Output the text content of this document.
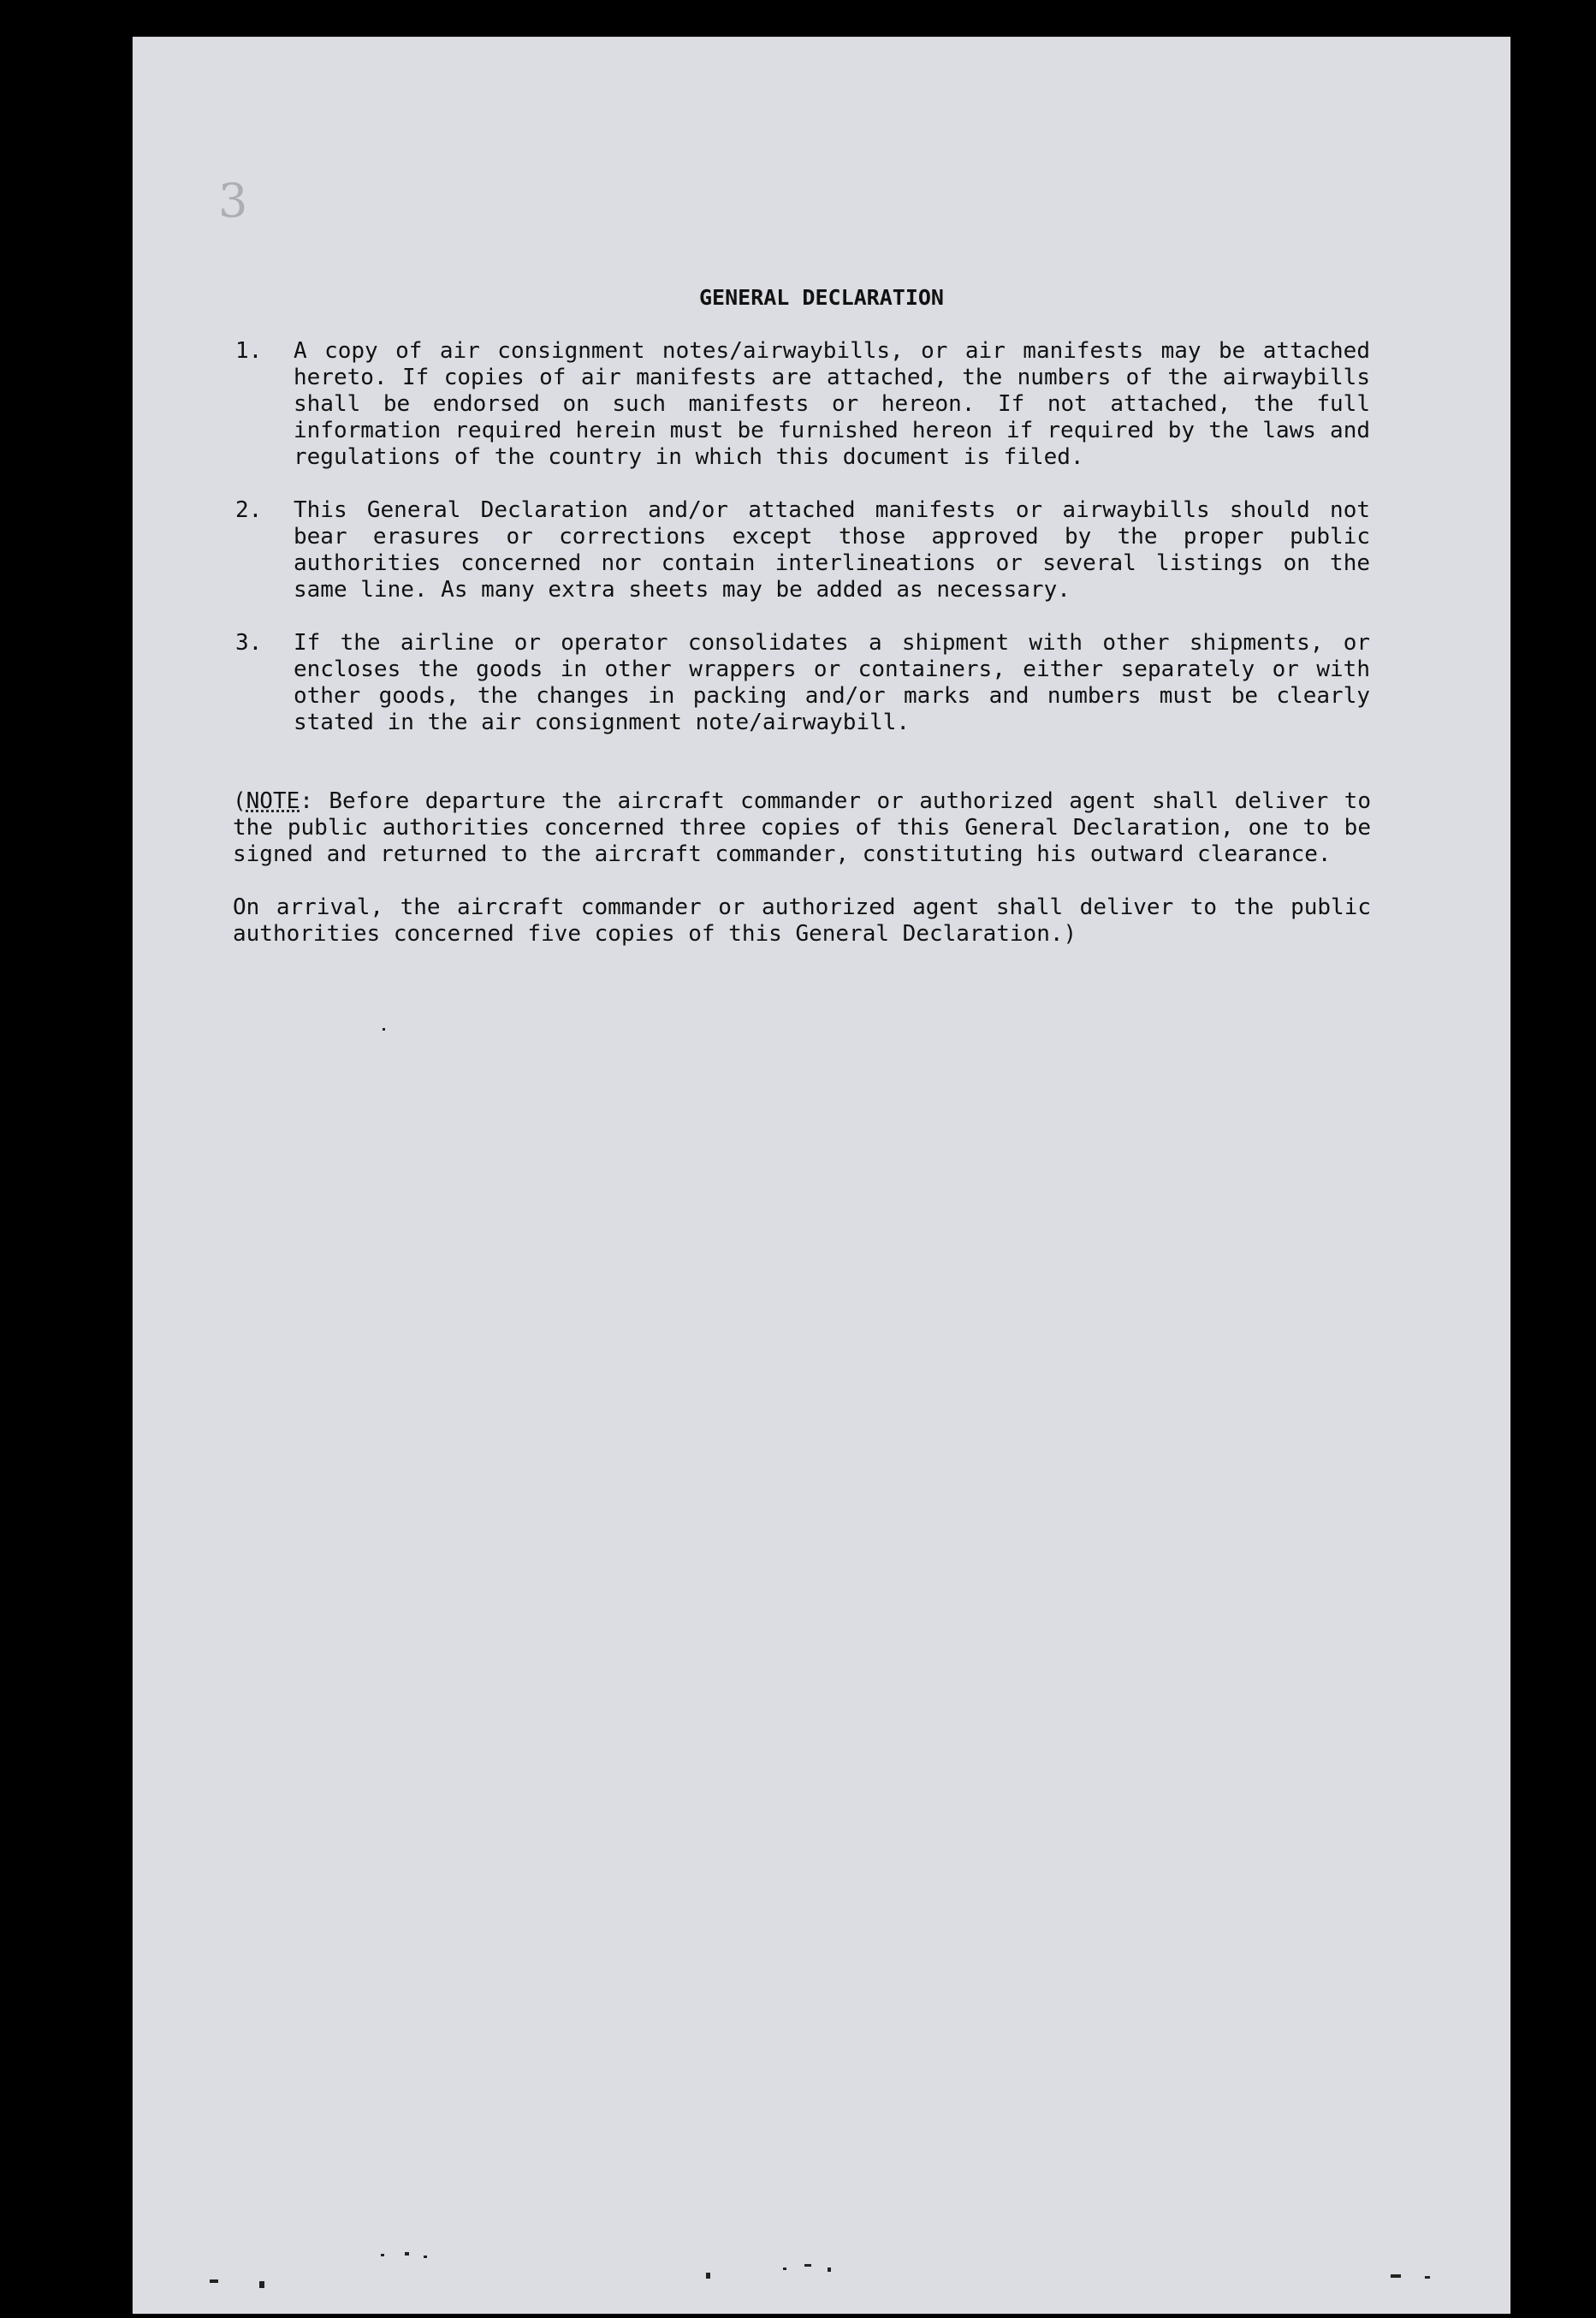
3
GENERAL DECLARATION
1.	A copy of air consignment notes/airwaybills, or air manifests may be attached hereto. If copies of air manifests are attached, the numbers of the airwaybills shall be endorsed on such manifests or hereon. If not attached, the full information required herein must be furnished hereon if required by the laws and regulations of the country in which this document is filed.
2.	This General Declaration and/or attached manifests or airwaybills should not bear erasures or corrections except those approved by the proper public authorities concerned nor contain interlineations or several listings on the same line. As many extra sheets may be added as necessary.
3.	If the airline or operator consolidates a shipment with other shipments, or encloses the goods in other wrappers or containers, either separately or with other goods, the changes in packing and/or marks and numbers must be clearly stated in the air consignment note/airwaybill.

(NOTE: Before departure the aircraft commander or authorized agent shall deliver to the public authorities concerned three copies of this General Declaration, one to be signed and returned to the aircraft commander, constituting his outward clearance.

On arrival, the aircraft commander or authorized agent shall deliver to the public authorities concerned five copies of this General Declaration.)
